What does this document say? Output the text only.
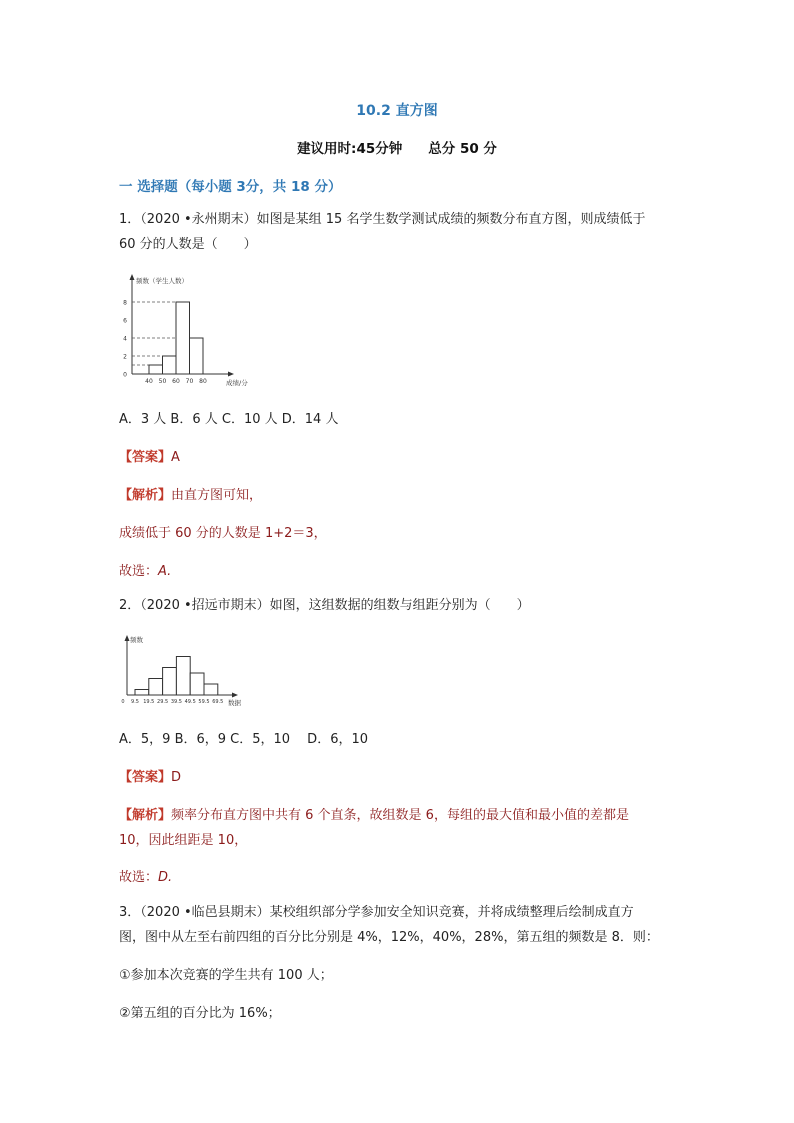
10.2 直方图
建议用时:45分钟 总分 50 分
一 选择题（每小题 3分，共 18 分）
1．（2020 •永州期末）如图是某组 15 名学生数学测试成绩的频数分布直方图，则成绩低于
60 分的人数是（　　）
频数（学生人数）
成绩/分
0
2
4
6
8
40 50 60 70 80
A．3 人 B．6 人 C．10 人 D．14 人
【答案】A
【解析】由直方图可知，
成绩低于 60 分的人数是 1+2＝3，
故选：A.
2．（2020 •招远市期末）如图，这组数据的组数与组距分别为（　　）
频数
数据
0 9.5 19.5 29.5 39.5 49.5 59.5 69.5
A．5，9 B．6，9 C．5，10　 D．6，10
【答案】D
【解析】频率分布直方图中共有 6 个直条，故组数是 6，每组的最大值和最小值的差都是
10，因此组距是 10，
故选：D.
3．（2020 •临邑县期末）某校组织部分学参加安全知识竞赛，并将成绩整理后绘制成直方
图，图中从左至右前四组的百分比分别是 4%，12%，40%，28%，第五组的频数是 8．则：
①参加本次竞赛的学生共有 100 人；
②第五组的百分比为 16%；
